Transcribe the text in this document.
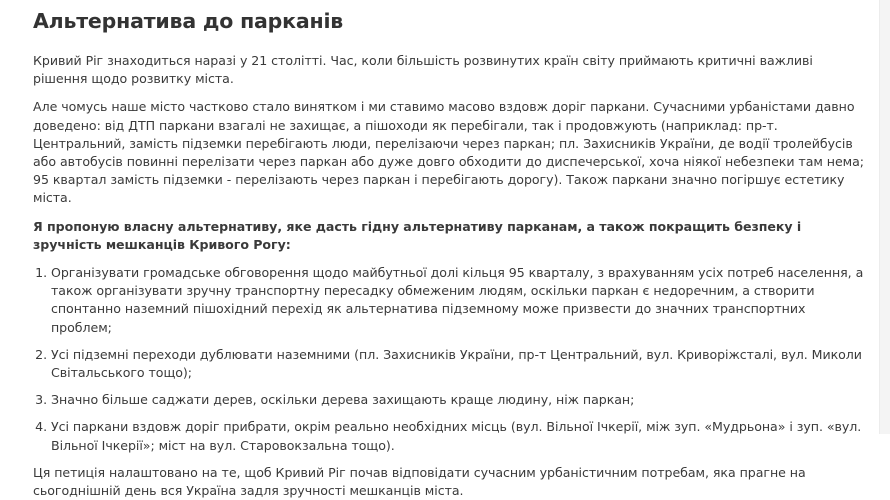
Альтернатива до парканів

Кривий Ріг знаходиться наразі у 21 столітті. Час, коли більшість розвинутих країн світу приймають критичні важливі рішення щодо розвитку міста.

Але чомусь наше місто частково стало винятком і ми ставимо масово вздовж доріг паркани. Сучасними урбаністами давно доведено: від ДТП паркани взагалі не захищає, а пішоходи як перебігали, так і продовжують (наприклад: пр-т. Центральний, замість підземки перебігають люди, перелізаючи через паркан; пл. Захисників України, де водії тролейбусів або автобусів повинні перелізати через паркан або дуже довго обходити до диспечерської, хоча ніякої небезпеки там нема; 95 квартал замість підземки - перелізають через паркан і перебігають дорогу). Також паркани значно погіршує естетику міста.

Я пропоную власну альтернативу, яке дасть гідну альтернативу парканам, а також покращить безпеку і зручність мешканців Кривого Рогу:

1. Організувати громадське обговорення щодо майбутньої долі кільця 95 кварталу, з врахуванням усіх потреб населення, а також організувати зручну транспортну пересадку обмеженим людям, оскільки паркан є недоречним, а створити спонтанно наземний пішохідний перехід як альтернатива підземному може призвести до значних транспортних проблем;
2. Усі підземні переходи дублювати наземними (пл. Захисників України, пр-т Центральний, вул. Криворіжсталі, вул. Миколи Світальського тощо);
3. Значно більше саджати дерев, оскільки дерева захищають краще людину, ніж паркан;
4. Усі паркани вздовж доріг прибрати, окрім реально необхідних місць (вул. Вільної Ічкерії, між зуп. «Мудрьона» і зуп. «вул. Вільної Ічкерії»; міст на вул. Старовокзальна тощо).

Ця петиція налаштовано на те, щоб Кривий Ріг почав відповідати сучасним урбаністичним потребам, яка прагне на сьогоднішній день вся Україна задля зручності мешканців міста.
